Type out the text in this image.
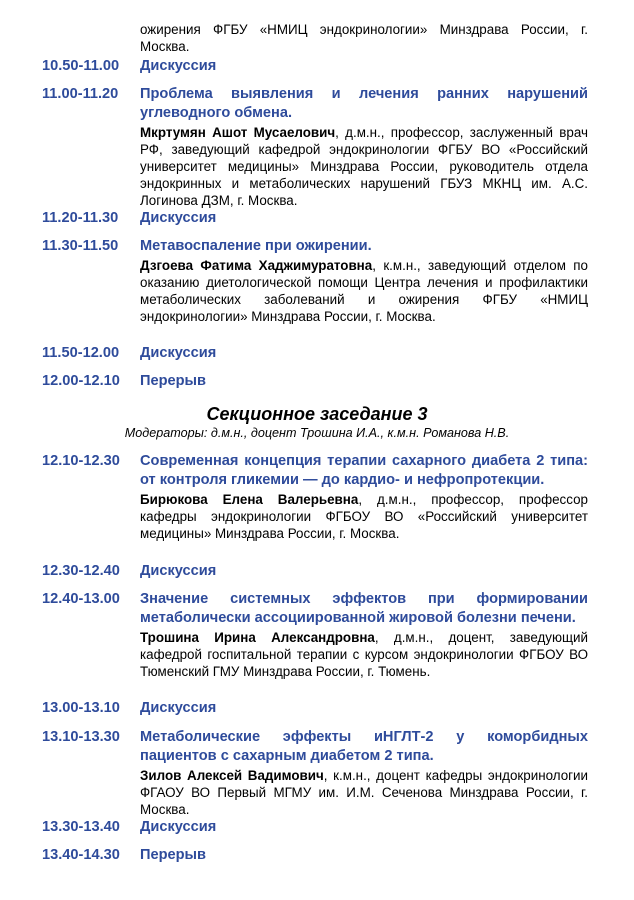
ожирения ФГБУ «НМИЦ эндокринологии» Минздрава России, г. Москва.
10.50-11.00	Дискуссия

11.00-11.20	Проблема выявления и лечения ранних нарушений углеводного обмена.

Мкртумян Ашот Мусаелович, д.м.н., профессор, заслуженный врач РФ, заведующий кафедрой эндокринологии ФГБУ ВО «Российский университет медицины» Минздрава России, руководитель отдела эндокринных и метаболических нарушений ГБУЗ МКНЦ им. А.С. Логинова ДЗМ, г. Москва.

11.20-11.30	Дискуссия

11.30-11.50	Метавоспаление при ожирении.

Дзгоева Фатима Хаджимуратовна, к.м.н., заведующий отделом по оказанию диетологической помощи Центра лечения и профилактики метаболических заболеваний и ожирения ФГБУ «НМИЦ эндокринологии» Минздрава России, г. Москва.

11.50-12.00	Дискуссия

12.00-12.10	Перерыв

Секционное заседание 3
Модераторы: д.м.н., доцент Трошина И.А., к.м.н. Романова Н.В.
12.10-12.30	Современная концепция терапии сахарного диабета 2 типа: от контроля гликемии — до кардио- и нефропротекции.

Бирюкова Елена Валерьевна, д.м.н., профессор, профессор кафедры эндокринологии ФГБОУ ВО «Российский университет медицины» Минздрава России, г. Москва.

12.30-12.40	Дискуссия

12.40-13.00	Значение системных эффектов при формировании метаболически ассоциированной жировой болезни печени.

Трошина Ирина Александровна, д.м.н., доцент, заведующий кафедрой госпитальной терапии с курсом эндокринологии ФГБОУ ВО Тюменский ГМУ Минздрава России, г. Тюмень.

13.00-13.10	Дискуссия

13.10-13.30	Метаболические эффекты иНГЛТ-2 у коморбидных пациентов с сахарным диабетом 2 типа.

Зилов Алексей Вадимович, к.м.н., доцент кафедры эндокринологии ФГАОУ ВО Первый МГМУ им. И.М. Сеченова Минздрава России, г. Москва.

13.30-13.40	Дискуссия

13.40-14.30	Перерыв
